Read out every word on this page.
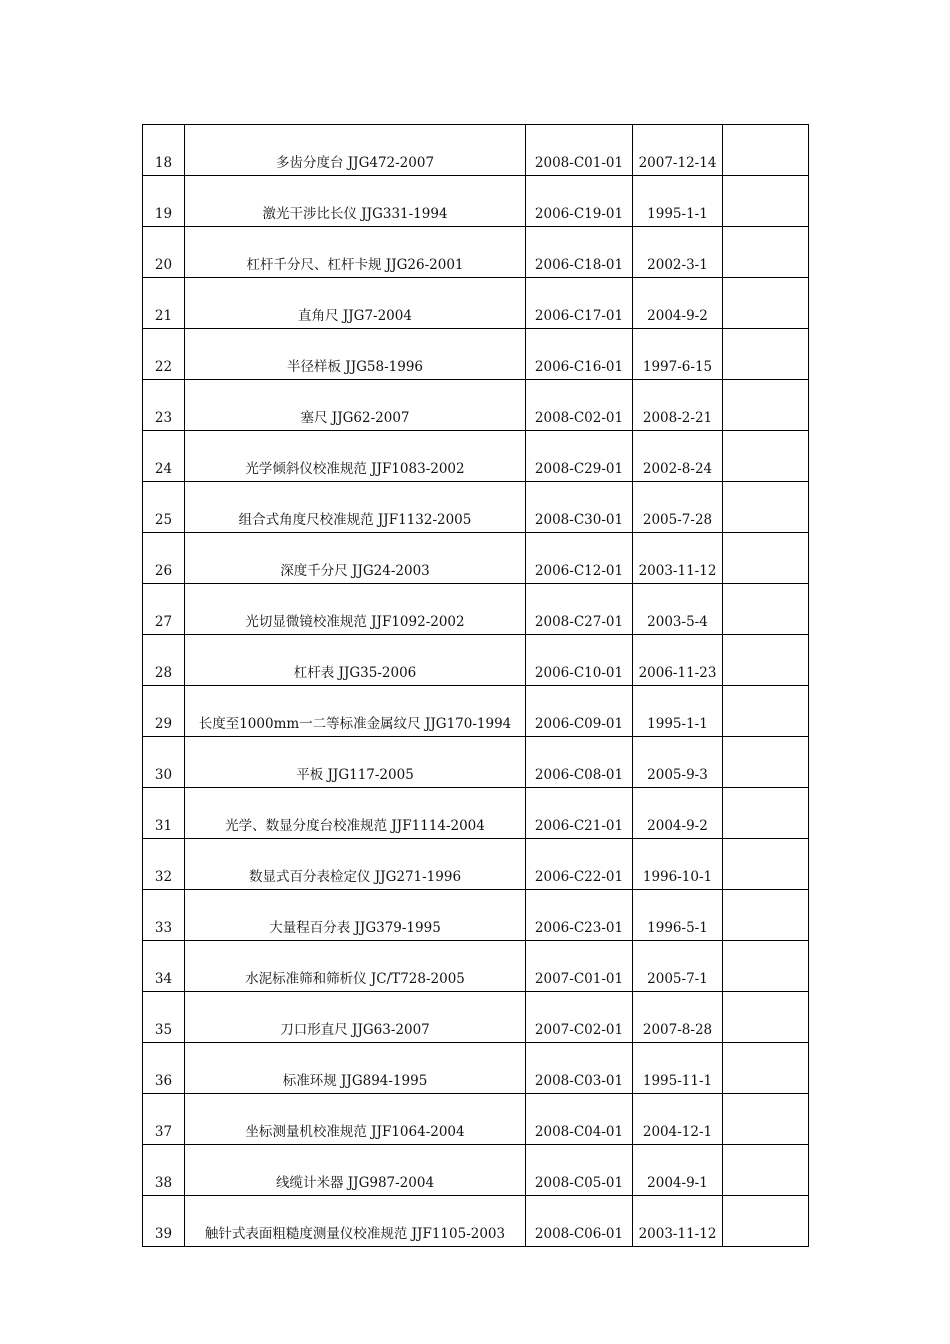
18	多齿分度台 JJG472-2007	2008-C01-01	2007-12-14	
19	激光干涉比长仪 JJG331-1994	2006-C19-01	1995-1-1	
20	杠杆千分尺、杠杆卡规 JJG26-2001	2006-C18-01	2002-3-1	
21	直角尺 JJG7-2004	2006-C17-01	2004-9-2	
22	半径样板 JJG58-1996	2006-C16-01	1997-6-15	
23	塞尺 JJG62-2007	2008-C02-01	2008-2-21	
24	光学倾斜仪校准规范 JJF1083-2002	2008-C29-01	2002-8-24	
25	组合式角度尺校准规范 JJF1132-2005	2008-C30-01	2005-7-28	
26	深度千分尺 JJG24-2003	2006-C12-01	2003-11-12	
27	光切显微镜校准规范 JJF1092-2002	2008-C27-01	2003-5-4	
28	杠杆表 JJG35-2006	2006-C10-01	2006-11-23	
29	长度至1000mm一二等标准金属纹尺 JJG170-1994	2006-C09-01	1995-1-1	
30	平板 JJG117-2005	2006-C08-01	2005-9-3	
31	光学、数显分度台校准规范 JJF1114-2004	2006-C21-01	2004-9-2	
32	数显式百分表检定仪 JJG271-1996	2006-C22-01	1996-10-1	
33	大量程百分表 JJG379-1995	2006-C23-01	1996-5-1	
34	水泥标准筛和筛析仪 JC/T728-2005	2007-C01-01	2005-7-1	
35	刀口形直尺 JJG63-2007	2007-C02-01	2007-8-28	
36	标准环规 JJG894-1995	2008-C03-01	1995-11-1	
37	坐标测量机校准规范 JJF1064-2004	2008-C04-01	2004-12-1	
38	线缆计米器 JJG987-2004	2008-C05-01	2004-9-1	
39	触针式表面粗糙度测量仪校准规范 JJF1105-2003	2008-C06-01	2003-11-12	
